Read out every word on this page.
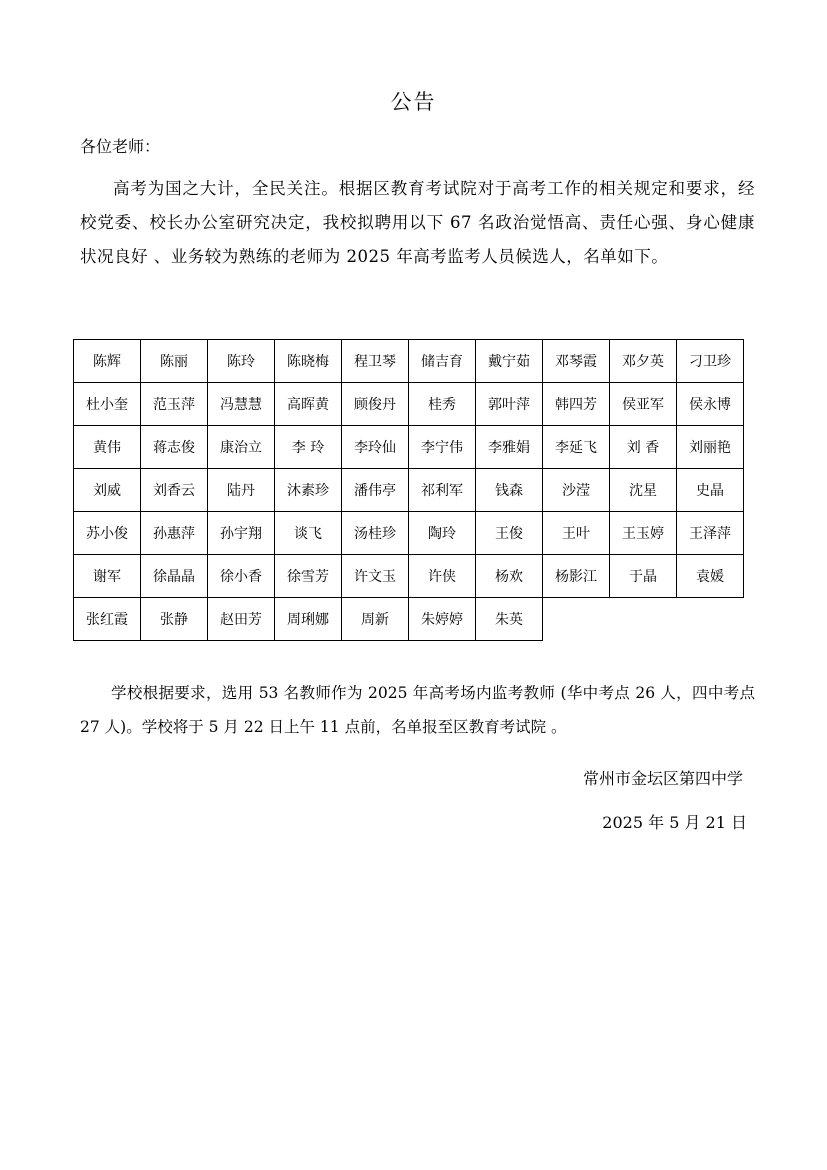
公告
各位老师：
高考为国之大计，全民关注。根据区教育考试院对于高考工作的相关规定和要求，经校党委、校长办公室研究决定，我校拟聘用以下 67 名政治觉悟高、责任心强、身心健康状况良好 、业务较为熟练的老师为 2025 年高考监考人员候选人，名单如下。
陈辉	陈丽	陈玲	陈晓梅	程卫琴	储吉育	戴宁茹	邓琴霞	邓夕英	刁卫珍
杜小奎	范玉萍	冯慧慧	高晖黄	顾俊丹	桂秀	郭叶萍	韩四芳	侯亚军	侯永博
黄伟	蒋志俊	康治立	李 玲	李玲仙	李宁伟	李雅娟	李延飞	刘 香	刘丽艳
刘威	刘香云	陆丹	沐素珍	潘伟亭	祁利军	钱森	沙滢	沈星	史晶
苏小俊	孙惠萍	孙宇翔	谈飞	汤桂珍	陶玲	王俊	王叶	王玉婷	王泽萍
谢军	徐晶晶	徐小香	徐雪芳	许文玉	许侠	杨欢	杨影江	于晶	袁媛
张红霞	张静	赵田芳	周琍娜	周新	朱婷婷	朱英			
学校根据要求，选用 53 名教师作为 2025 年高考场内监考教师 (华中考点 26 人，四中考点 27 人)。学校将于 5 月 22 日上午 11 点前，名单报至区教育考试院 。
常州市金坛区第四中学
2025 年 5 月 21 日
